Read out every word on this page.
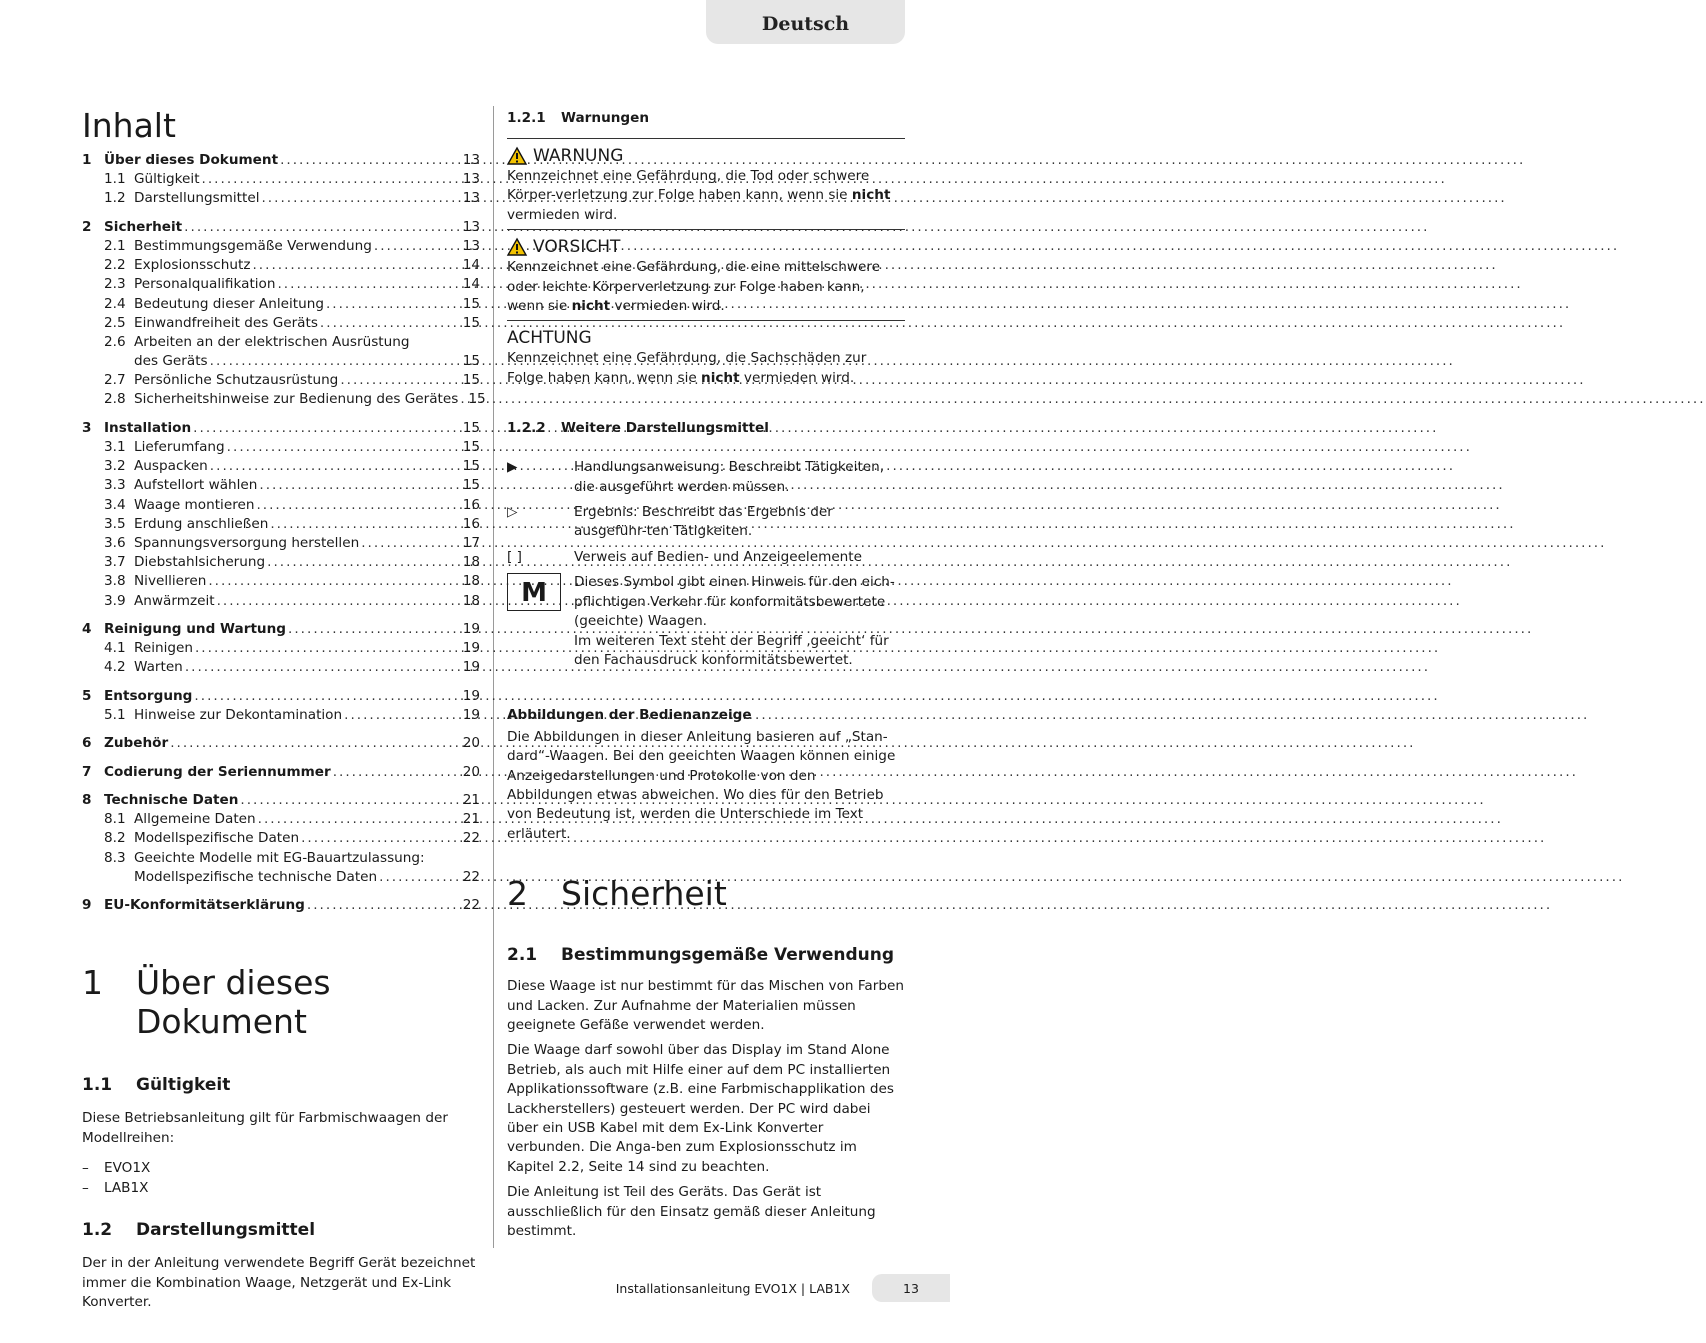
Deutsch
Inhalt
1 Über dieses Dokument .....	13
1.1 Gültigkeit .....	13
1.2 Darstellungsmittel .....	13
2 Sicherheit .....	13
2.1 Bestimmungsgemäße Verwendung .....	13
2.2 Explosionsschutz .....	14
2.3 Personalqualifikation .....	14
2.4 Bedeutung dieser Anleitung .....	15
2.5 Einwandfreiheit des Geräts .....	15
2.6 Arbeiten an der elektrischen Ausrüstung
des Geräts .....	15
2.7 Persönliche Schutzausrüstung .....	15
2.8 Sicherheitshinweise zur Bedienung des Gerätes ..... 15
3 Installation .....	15
3.1 Lieferumfang .....	15
3.2 Auspacken .....	15
3.3 Aufstellort wählen .....	15
3.4 Waage montieren .....	16
3.5 Erdung anschließen .....	16
3.6 Spannungsversorgung herstellen .....	17
3.7 Diebstahlsicherung .....	18
3.8 Nivellieren .....	18
3.9 Anwärmzeit .....	18
4 Reinigung und Wartung .....	19
4.1 Reinigen .....	19
4.2 Warten .....	19
5 Entsorgung .....	19
5.1 Hinweise zur Dekontamination .....	19
6 Zubehör .....	20
7 Codierung der Seriennummer .....	20
8 Technische Daten .....	21
8.1 Allgemeine Daten .....	21
8.2 Modellspezifische Daten .....	22
8.3 Geeichte Modelle mit EG-Bauartzulassung:
Modellspezifische technische Daten .....	22
9 EU-Konformitätserklärung .....	22
1	Über dieses Dokument
1.1	Gültigkeit

Diese Betriebsanleitung gilt für Farbmischwaagen der Modellreihen:

–	EVO1X
–	LAB1X
1.2	Darstellungsmittel

Der in der Anleitung verwendete Begriff Gerät bezeichnet immer die Kombination Waage, Netzgerät und Ex-Link Konverter.

1.2.1	Warnungen
WARNUNG

Kennzeichnet eine Gefährdung, die Tod oder schwere Körper-verletzung zur Folge haben kann, wenn sie nicht vermieden wird.

VORSICHT

Kennzeichnet eine Gefährdung, die eine mittelschwere oder leichte Körperverletzung zur Folge haben kann, wenn sie nicht vermieden wird.

ACHTUNG

Kennzeichnet eine Gefährdung, die Sachschäden zur Folge haben kann, wenn sie nicht vermieden wird.

1.2.2	Weitere Darstellungsmittel
▶	Handlungsanweisung: Beschreibt Tätigkeiten, die ausgeführt werden müssen.
▷	Ergebnis: Beschreibt das Ergebnis der ausgeführ-ten Tätigkeiten.
[ ]	Verweis auf Bedien- und Anzeigeelemente
M	Dieses Symbol gibt einen Hinweis für den eich-pflichtigen Verkehr für konformitätsbewertete (geeichte) Waagen.
Im weiteren Text steht der Begriff ‚geeicht‘ für den Fachausdruck konformitätsbewertet.

Abbildungen der Bedienanzeige

Die Abbildungen in dieser Anleitung basieren auf „Stan-dard“-Waagen. Bei den geeichten Waagen können einige Anzeigedarstellungen und Protokolle von den Abbildungen etwas abweichen. Wo dies für den Betrieb von Bedeutung ist, werden die Unterschiede im Text erläutert.

2	Sicherheit
2.1	Bestimmungsgemäße Verwendung

Diese Waage ist nur bestimmt für das Mischen von Farben und Lacken. Zur Aufnahme der Materialien müssen geeignete Gefäße verwendet werden.

Die Waage darf sowohl über das Display im Stand Alone Betrieb, als auch mit Hilfe einer auf dem PC installierten Applikationssoftware (z.B. eine Farbmischapplikation des Lackherstellers) gesteuert werden. Der PC wird dabei über ein USB Kabel mit dem Ex-Link Konverter verbunden. Die Anga-ben zum Explosionsschutz im Kapitel 2.2, Seite 14 sind zu beachten.

Die Anleitung ist Teil des Geräts. Das Gerät ist ausschließlich für den Einsatz gemäß dieser Anleitung bestimmt.

Installationsanleitung EVO1X | LAB1X	13
